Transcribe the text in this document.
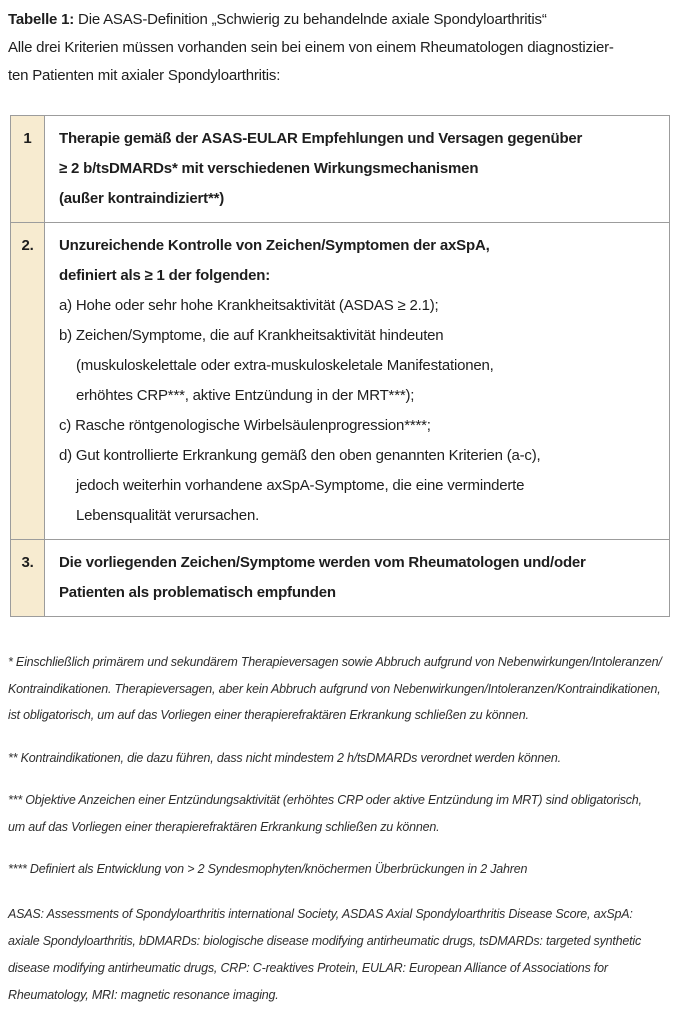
Tabelle 1: Die ASAS-Definition „Schwierig zu behandelnde axiale Spondyloarthritis“

Alle drei Kriterien müssen vorhanden sein bei einem von einem Rheumatologen diagnostizier-
ten Patienten mit axialer Spondyloarthritis:

1	Therapie gemäß der ASAS-EULAR Empfehlungen und Versagen gegenüber
≥ 2 b/tsDMARDs* mit verschiedenen Wirkungsmechanismen
(außer kontraindiziert**)

2.	Unzureichende Kontrolle von Zeichen/Symptomen der axSpA,
definiert als ≥ 1 der folgenden:
a) Hohe oder sehr hohe Krankheitsaktivität (ASDAS ≥ 2.1);
b) Zeichen/Symptome, die auf Krankheitsaktivität hindeuten
(muskuloskelettale oder extra-muskuloskeletale Manifestationen,
erhöhtes CRP***, aktive Entzündung in der MRT***);
c) Rasche röntgenologische Wirbelsäulenprogression****;
d) Gut kontrollierte Erkrankung gemäß den oben genannten Kriterien (a-c),
jedoch weiterhin vorhandene axSpA-Symptome, die eine verminderte
Lebensqualität verursachen.

3.	Die vorliegenden Zeichen/Symptome werden vom Rheumatologen und/oder
Patienten als problematisch empfunden

* Einschließlich primärem und sekundärem Therapieversagen sowie Abbruch aufgrund von Nebenwirkungen/Intoleranzen/
Kontraindikationen. Therapieversagen, aber kein Abbruch aufgrund von Nebenwirkungen/Intoleranzen/Kontraindikationen,
ist obligatorisch, um auf das Vorliegen einer therapierefraktären Erkrankung schließen zu können.

** Kontraindikationen, die dazu führen, dass nicht mindestem 2 h/tsDMARDs verordnet werden können.

*** Objektive Anzeichen einer Entzündungsaktivität (erhöhtes CRP oder aktive Entzündung im MRT) sind obligatorisch,
um auf das Vorliegen einer therapierefraktären Erkrankung schließen zu können.

**** Definiert als Entwicklung von > 2 Syndesmophyten/knöchermen Überbrückungen in 2 Jahren

ASAS: Assessments of Spondyloarthritis international Society, ASDAS Axial Spondyloarthritis Disease Score, axSpA:
axiale Spondyloarthritis, bDMARDs: biologische disease modifying antirheumatic drugs, tsDMARDs: targeted synthetic
disease modifying antirheumatic drugs, CRP: C-reaktives Protein, EULAR: European Alliance of Associations for
Rheumatology, MRI: magnetic resonance imaging.
